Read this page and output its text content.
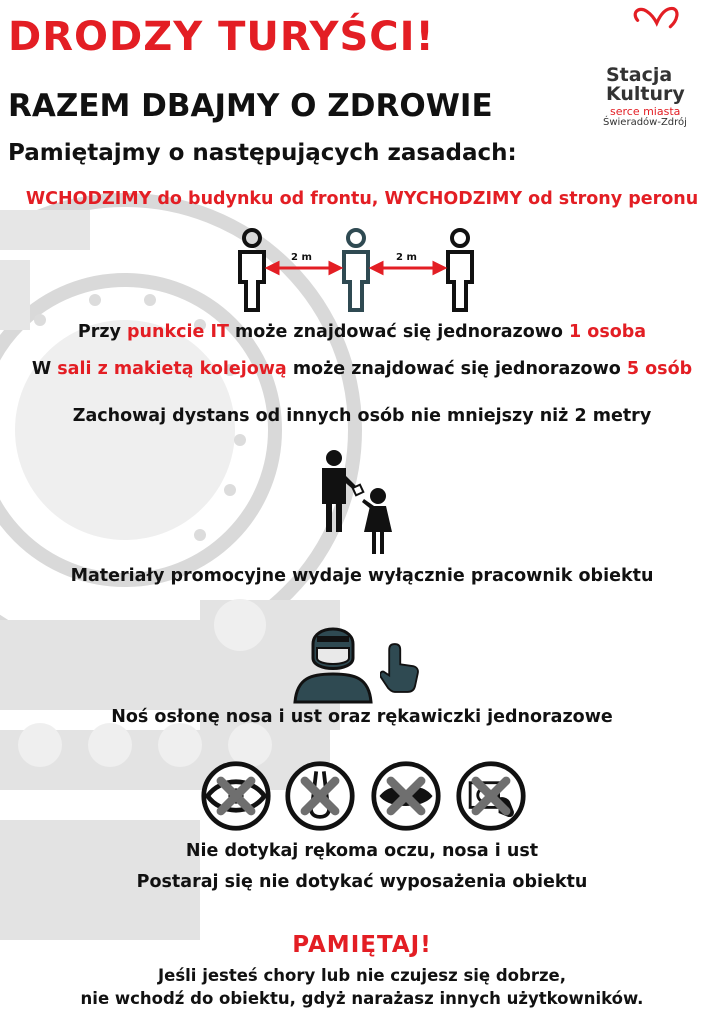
DRODZY TURYŚCI!
RAZEM DBAJMY O ZDROWIE
Pamiętajmy o następujących zasadach:
Stacja
Kultury
serce miasta
Świeradów-Zdrój
WCHODZIMY do budynku od frontu, WYCHODZIMY od strony peronu
2 m	2 m
Przy punkcie IT może znajdować się jednorazowo 1 osoba
W sali z makietą kolejową może znajdować się jednorazowo 5 osób
Zachowaj dystans od innych osób nie mniejszy niż 2 metry
Materiały promocyjne wydaje wyłącznie pracownik obiektu
Noś osłonę nosa i ust oraz rękawiczki jednorazowe
Nie dotykaj rękoma oczu, nosa i ust
Postaraj się nie dotykać wyposażenia obiektu
PAMIĘTAJ!
Jeśli jesteś chory lub nie czujesz się dobrze,
nie wchodź do obiektu, gdyż narażasz innych użytkowników.
